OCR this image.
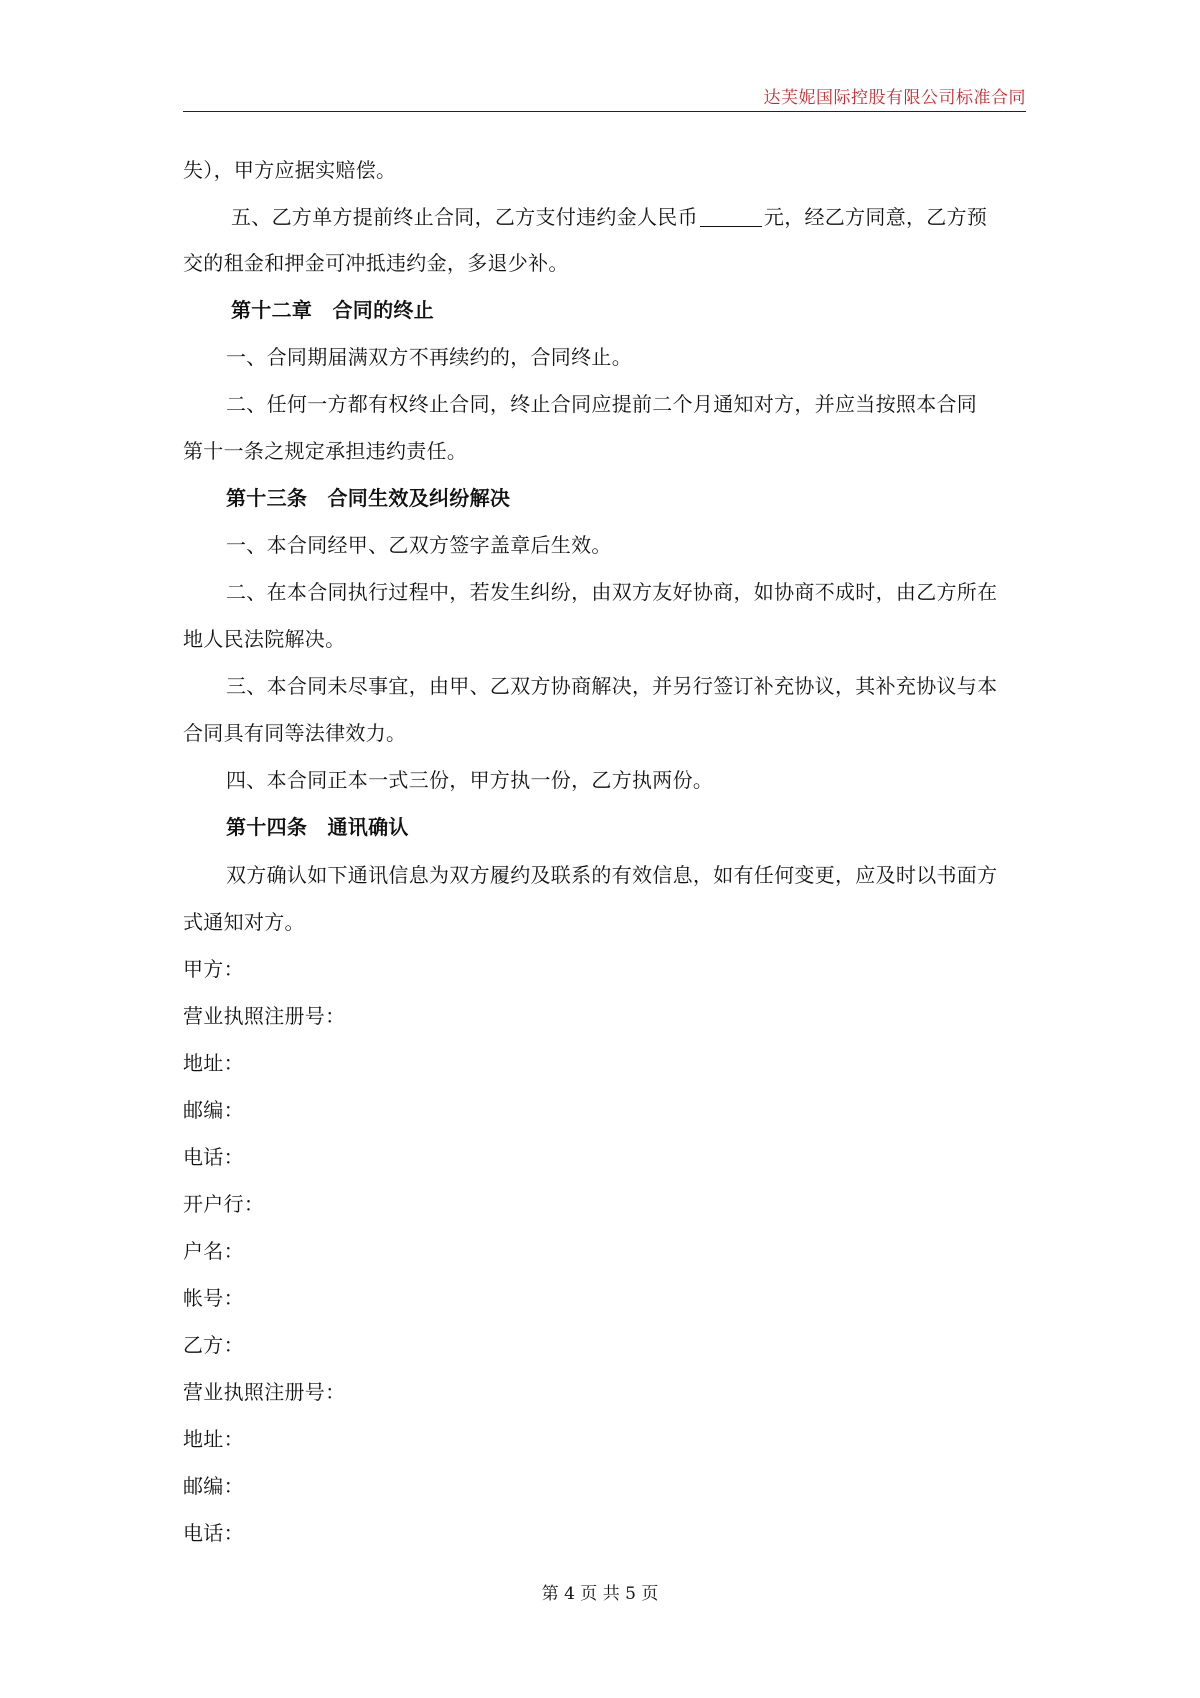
达芙妮国际控股有限公司标准合同
失），甲方应据实赔偿。
五、乙方单方提前终止合同，乙方支付违约金人民币	元，经乙方同意，乙方预
交的租金和押金可冲抵违约金，多退少补。
第十二章　合同的终止
一、合同期届满双方不再续约的，合同终止。
二、任何一方都有权终止合同，终止合同应提前二个月通知对方，并应当按照本合同
第十一条之规定承担违约责任。
第十三条　合同生效及纠纷解决
一、本合同经甲、乙双方签字盖章后生效。
二、在本合同执行过程中，若发生纠纷，由双方友好协商，如协商不成时，由乙方所在
地人民法院解决。
三、本合同未尽事宜，由甲、乙双方协商解决，并另行签订补充协议，其补充协议与本
合同具有同等法律效力。
四、本合同正本一式三份，甲方执一份，乙方执两份。
第十四条　通讯确认
双方确认如下通讯信息为双方履约及联系的有效信息，如有任何变更，应及时以书面方
式通知对方。
甲方：
营业执照注册号：
地址：
邮编：
电话：
开户行：
户名：
帐号：
乙方：
营业执照注册号：
地址：
邮编：
电话：
第 4 页 共 5 页
